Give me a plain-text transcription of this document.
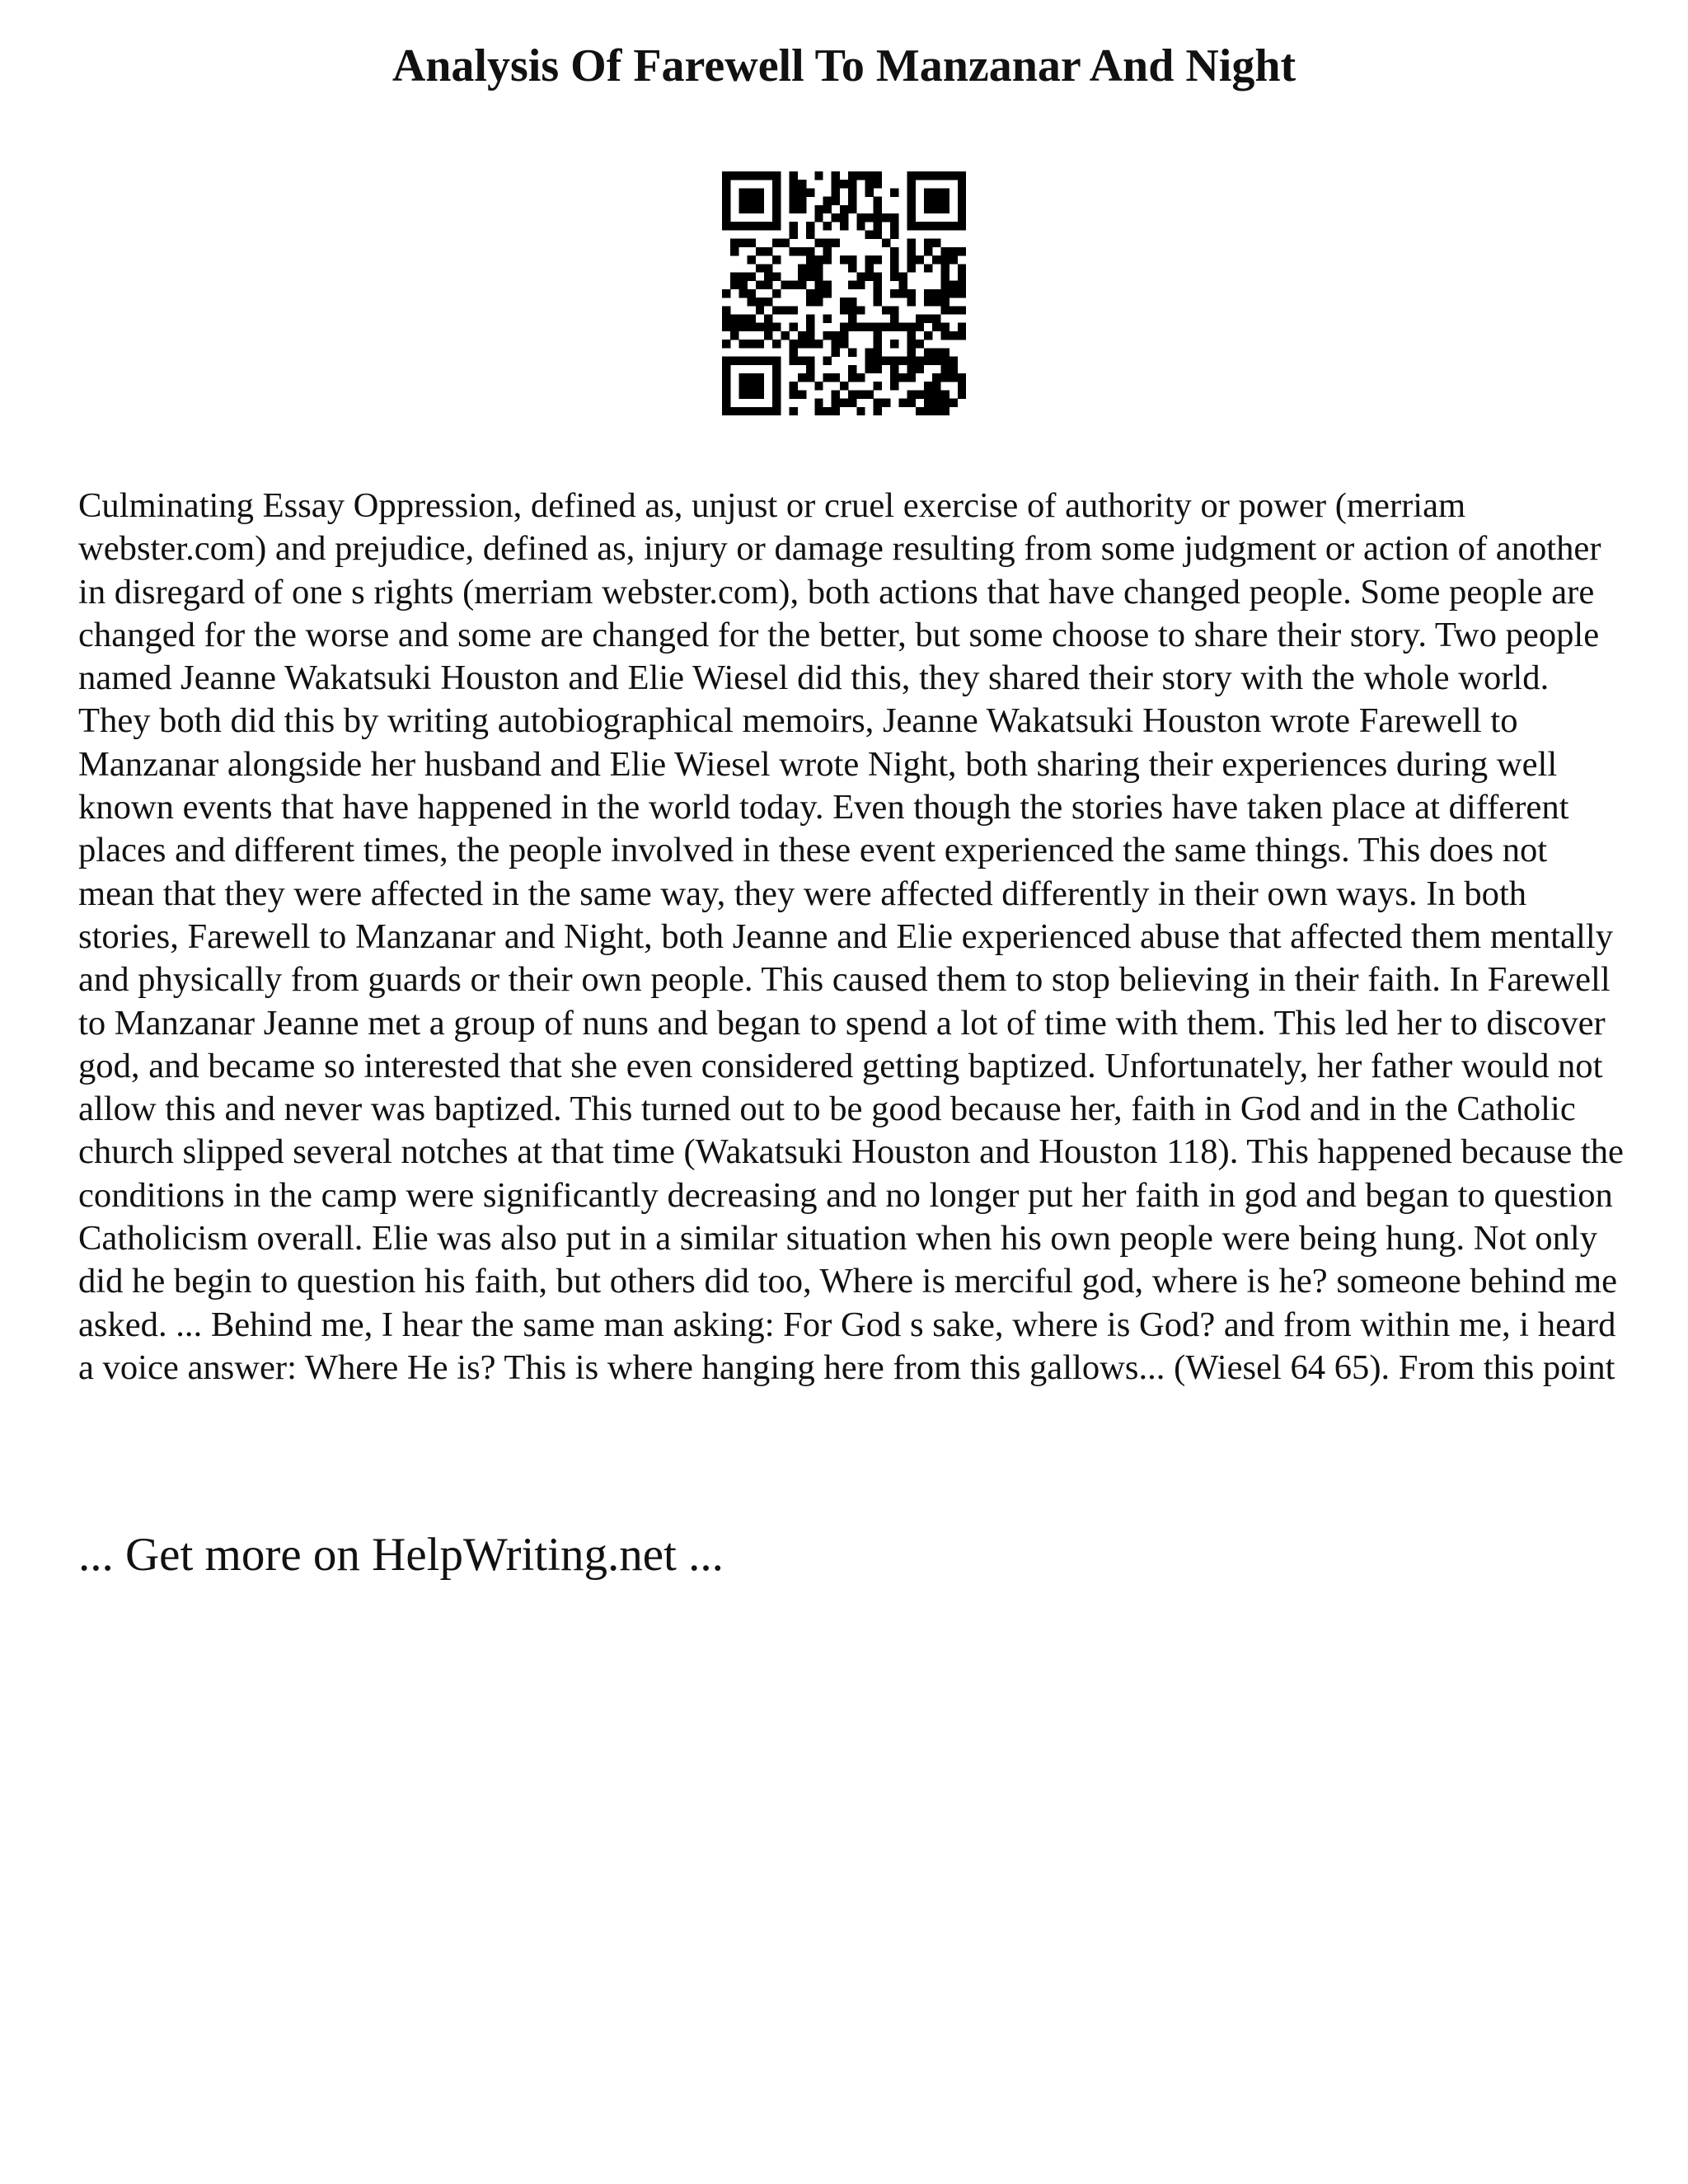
Analysis Of Farewell To Manzanar And Night

Culminating Essay Oppression, defined as, unjust or cruel exercise of authority or power (merriam webster.com) and prejudice, defined as, injury or damage resulting from some judgment or action of another in disregard of one s rights (merriam webster.com), both actions that have changed people. Some people are changed for the worse and some are changed for the better, but some choose to share their story. Two people named Jeanne Wakatsuki Houston and Elie Wiesel did this, they shared their story with the whole world. They both did this by writing autobiographical memoirs, Jeanne Wakatsuki Houston wrote Farewell to Manzanar alongside her husband and Elie Wiesel wrote Night, both sharing their experiences during well known events that have happened in the world today. Even though the stories have taken place at different places and different times, the people involved in these event experienced the same things. This does not mean that they were affected in the same way, they were affected differently in their own ways. In both stories, Farewell to Manzanar and Night, both Jeanne and Elie experienced abuse that affected them mentally and physically from guards or their own people. This caused them to stop believing in their faith. In Farewell to Manzanar Jeanne met a group of nuns and began to spend a lot of time with them. This led her to discover god, and became so interested that she even considered getting baptized. Unfortunately, her father would not allow this and never was baptized. This turned out to be good because her, faith in God and in the Catholic church slipped several notches at that time (Wakatsuki Houston and Houston 118). This happened because the conditions in the camp were significantly decreasing and no longer put her faith in god and began to question Catholicism overall. Elie was also put in a similar situation when his own people were being hung. Not only did he begin to question his faith, but others did too, Where is merciful god, where is he? someone behind me asked. ... Behind me, I hear the same man asking: For God s sake, where is God? and from within me, i heard a voice answer: Where He is? This is where hanging here from this gallows... (Wiesel 64 65). From this point

... Get more on HelpWriting.net ...
